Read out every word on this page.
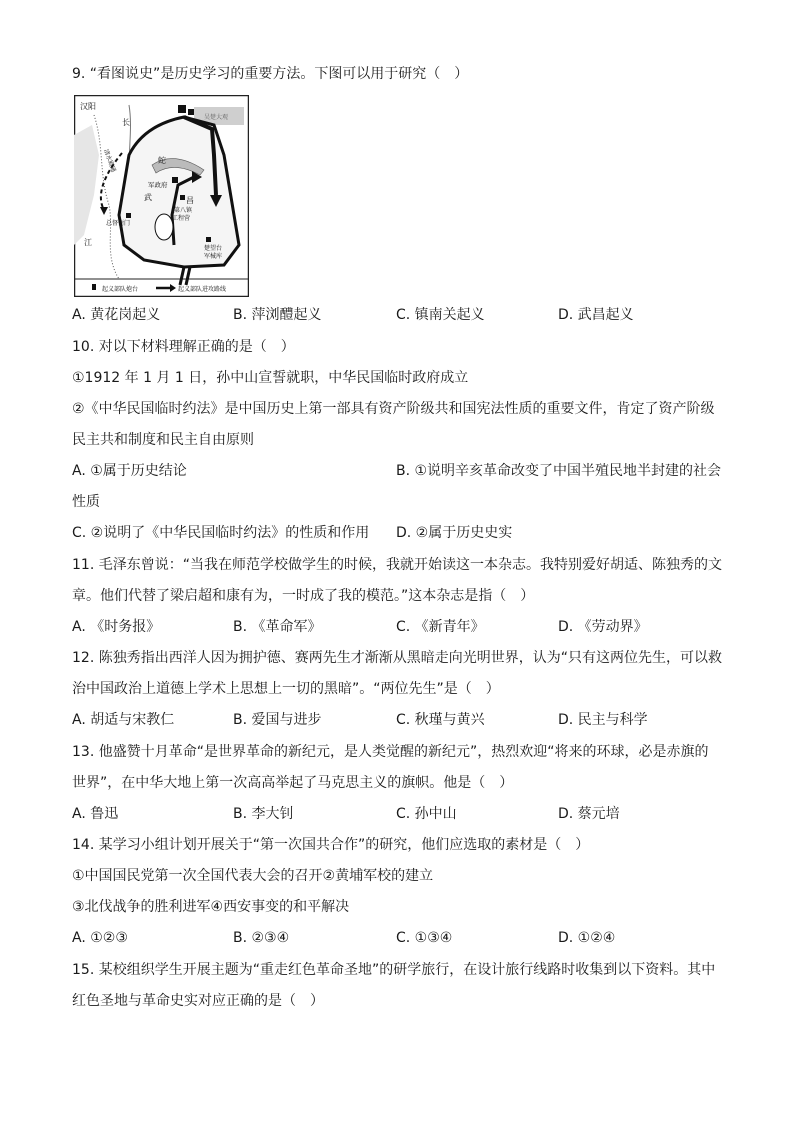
9. “看图说史”是历史学习的重要方法。下图可以用于研究（　）
汉阳
长
江
清水殿通	蛇
武
军政府
昌
第八镇
工程营
总督衙门
楚望台
军械库
吴楚大观
起义部队炮台	起义部队进攻路线
A. 黄花岗起义	B. 萍浏醴起义	C. 镇南关起义	D. 武昌起义
10. 对以下材料理解正确的是（　）
①1912 年 1 月 1 日，孙中山宣誓就职，中华民国临时政府成立
②《中华民国临时约法》是中国历史上第一部具有资产阶级共和国宪法性质的重要文件，肯定了资产阶级
民主共和制度和民主自由原则
A. ①属于历史结论	B. ①说明辛亥革命改变了中国半殖民地半封建的社会
性质
C. ②说明了《中华民国临时约法》的性质和作用 D. ②属于历史史实
11. 毛泽东曾说：“当我在师范学校做学生的时候，我就开始读这一本杂志。我特别爱好胡适、陈独秀的文
章。他们代替了梁启超和康有为，一时成了我的模范。”这本杂志是指（　）
A. 《时务报》	B. 《革命军》	C. 《新青年》	D. 《劳动界》
12. 陈独秀指出西洋人因为拥护德、赛两先生才渐渐从黑暗走向光明世界，认为“只有这两位先生，可以救
治中国政治上道德上学术上思想上一切的黑暗”。“两位先生”是（　）
A. 胡适与宋教仁	B. 爱国与进步	C. 秋瑾与黄兴	D. 民主与科学
13. 他盛赞十月革命“是世界革命的新纪元，是人类觉醒的新纪元”，热烈欢迎“将来的环球，必是赤旗的
世界”，在中华大地上第一次高高举起了马克思主义的旗帜。他是（　）
A. 鲁迅	B. 李大钊	C. 孙中山	D. 蔡元培
14. 某学习小组计划开展关于“第一次国共合作”的研究，他们应选取的素材是（　）
①中国国民党第一次全国代表大会的召开②黄埔军校的建立
③北伐战争的胜利进军④西安事变的和平解决
A. ①②③	B. ②③④	C. ①③④	D. ①②④
15. 某校组织学生开展主题为“重走红色革命圣地”的研学旅行，在设计旅行线路时收集到以下资料。其中
红色圣地与革命史实对应正确的是（　）
